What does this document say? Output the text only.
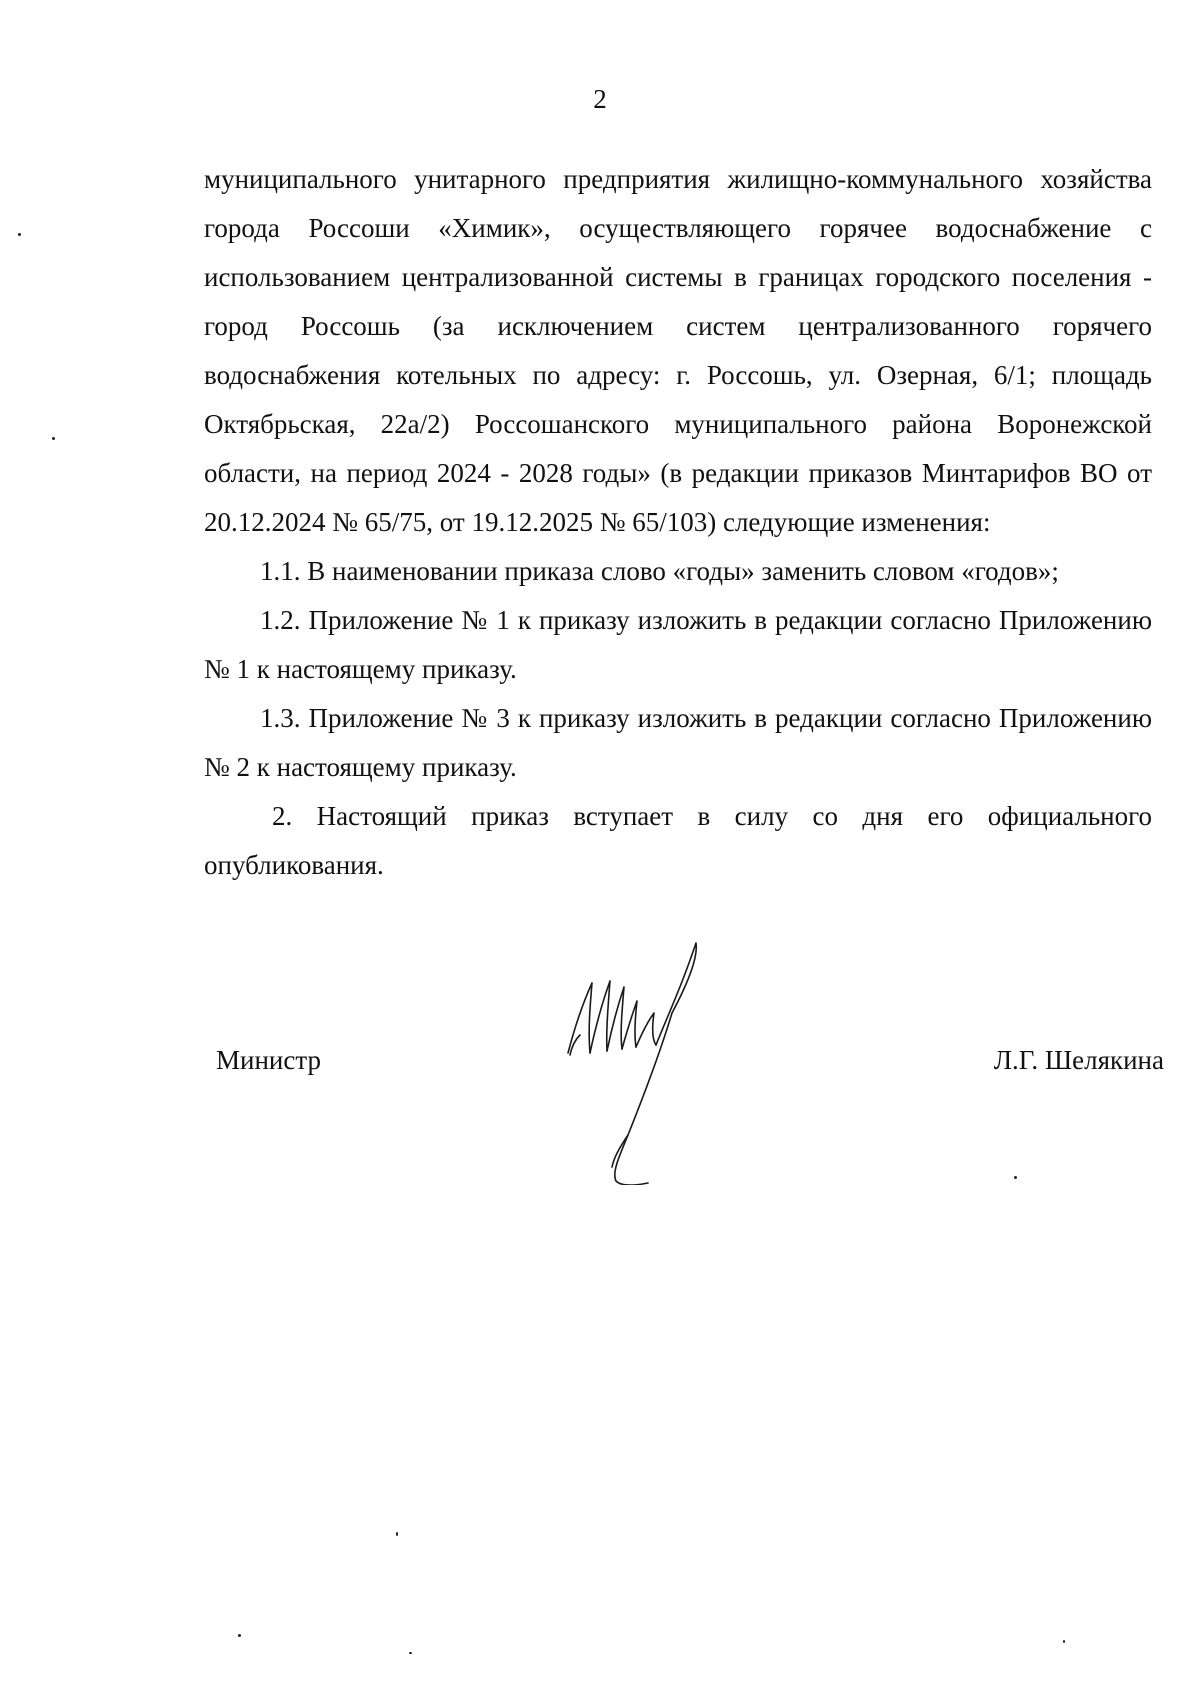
2

муниципального унитарного предприятия жилищно-коммунального хозяйства города Россоши «Химик», осуществляющего горячее водоснабжение с использованием централизованной системы в границах городского поселения - город Россошь (за исключением систем централизованного горячего водоснабжения котельных по адресу: г. Россошь, ул. Озерная, 6/1; площадь Октябрьская, 22а/2) Россошанского муниципального района Воронежской области, на период 2024 - 2028 годы» (в редакции приказов Минтарифов ВО от 20.12.2024 № 65/75, от 19.12.2025 № 65/103) следующие изменения:

1.1. В наименовании приказа слово «годы» заменить словом «годов»;

1.2. Приложение № 1 к приказу изложить в редакции согласно Приложению № 1 к настоящему приказу.

1.3. Приложение № 3 к приказу изложить в редакции согласно Приложению № 2 к настоящему приказу.

2. Настоящий приказ вступает в силу со дня его официального опубликования.

Министр	Л.Г. Шелякина
